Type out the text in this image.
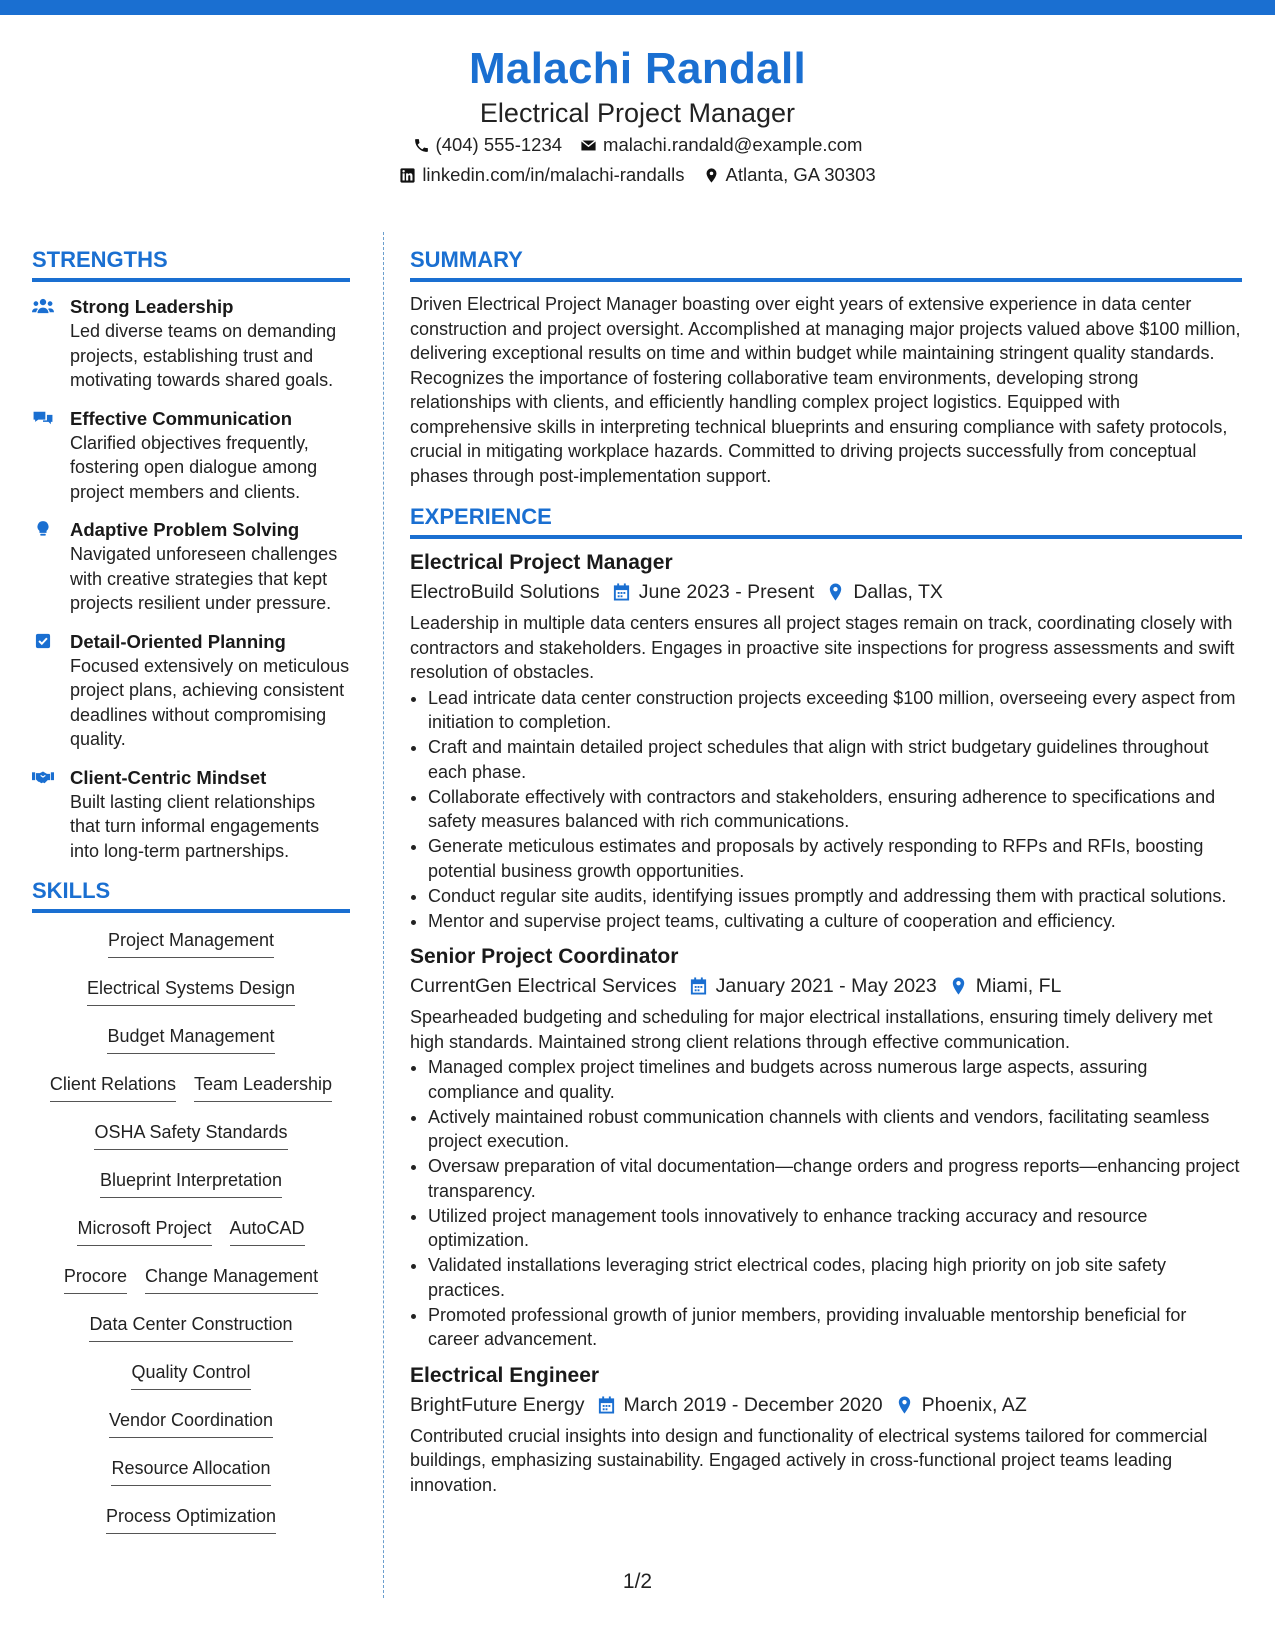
Malachi Randall
Electrical Project Manager
(404) 555-1234 malachi.randald@example.com
linkedin.com/in/malachi-randalls Atlanta, GA 30303
STRENGTHS
Strong Leadership
Led diverse teams on demanding projects, establishing trust and motivating towards shared goals.
Effective Communication
Clarified objectives frequently, fostering open dialogue among project members and clients.
Adaptive Problem Solving
Navigated unforeseen challenges with creative strategies that kept projects resilient under pressure.
Detail-Oriented Planning
Focused extensively on meticulous project plans, achieving consistent deadlines without compromising quality.
Client-Centric Mindset
Built lasting client relationships that turn informal engagements into long-term partnerships.
SKILLS
Project Management
Electrical Systems Design
Budget Management
Client Relations Team Leadership
OSHA Safety Standards
Blueprint Interpretation
Microsoft Project AutoCAD
Procore Change Management
Data Center Construction
Quality Control
Vendor Coordination
Resource Allocation
Process Optimization
SUMMARY
Driven Electrical Project Manager boasting over eight years of extensive experience in data center construction and project oversight. Accomplished at managing major projects valued above $100 million, delivering exceptional results on time and within budget while maintaining stringent quality standards. Recognizes the importance of fostering collaborative team environments, developing strong relationships with clients, and efficiently handling complex project logistics. Equipped with comprehensive skills in interpreting technical blueprints and ensuring compliance with safety protocols, crucial in mitigating workplace hazards. Committed to driving projects successfully from conceptual phases through post-implementation support.
EXPERIENCE
Electrical Project Manager
ElectroBuild Solutions June 2023 - Present Dallas, TX
Leadership in multiple data centers ensures all project stages remain on track, coordinating closely with contractors and stakeholders. Engages in proactive site inspections for progress assessments and swift resolution of obstacles.
• Lead intricate data center construction projects exceeding $100 million, overseeing every aspect from initiation to completion.
• Craft and maintain detailed project schedules that align with strict budgetary guidelines throughout each phase.
• Collaborate effectively with contractors and stakeholders, ensuring adherence to specifications and safety measures balanced with rich communications.
• Generate meticulous estimates and proposals by actively responding to RFPs and RFIs, boosting potential business growth opportunities.
• Conduct regular site audits, identifying issues promptly and addressing them with practical solutions.
• Mentor and supervise project teams, cultivating a culture of cooperation and efficiency.
Senior Project Coordinator
CurrentGen Electrical Services January 2021 - May 2023 Miami, FL
Spearheaded budgeting and scheduling for major electrical installations, ensuring timely delivery met high standards. Maintained strong client relations through effective communication.
• Managed complex project timelines and budgets across numerous large aspects, assuring compliance and quality.
• Actively maintained robust communication channels with clients and vendors, facilitating seamless project execution.
• Oversaw preparation of vital documentation—change orders and progress reports—enhancing project transparency.
• Utilized project management tools innovatively to enhance tracking accuracy and resource optimization.
• Validated installations leveraging strict electrical codes, placing high priority on job site safety practices.
• Promoted professional growth of junior members, providing invaluable mentorship beneficial for career advancement.
Electrical Engineer
BrightFuture Energy March 2019 - December 2020 Phoenix, AZ
Contributed crucial insights into design and functionality of electrical systems tailored for commercial buildings, emphasizing sustainability. Engaged actively in cross-functional project teams leading innovation.
1/2
